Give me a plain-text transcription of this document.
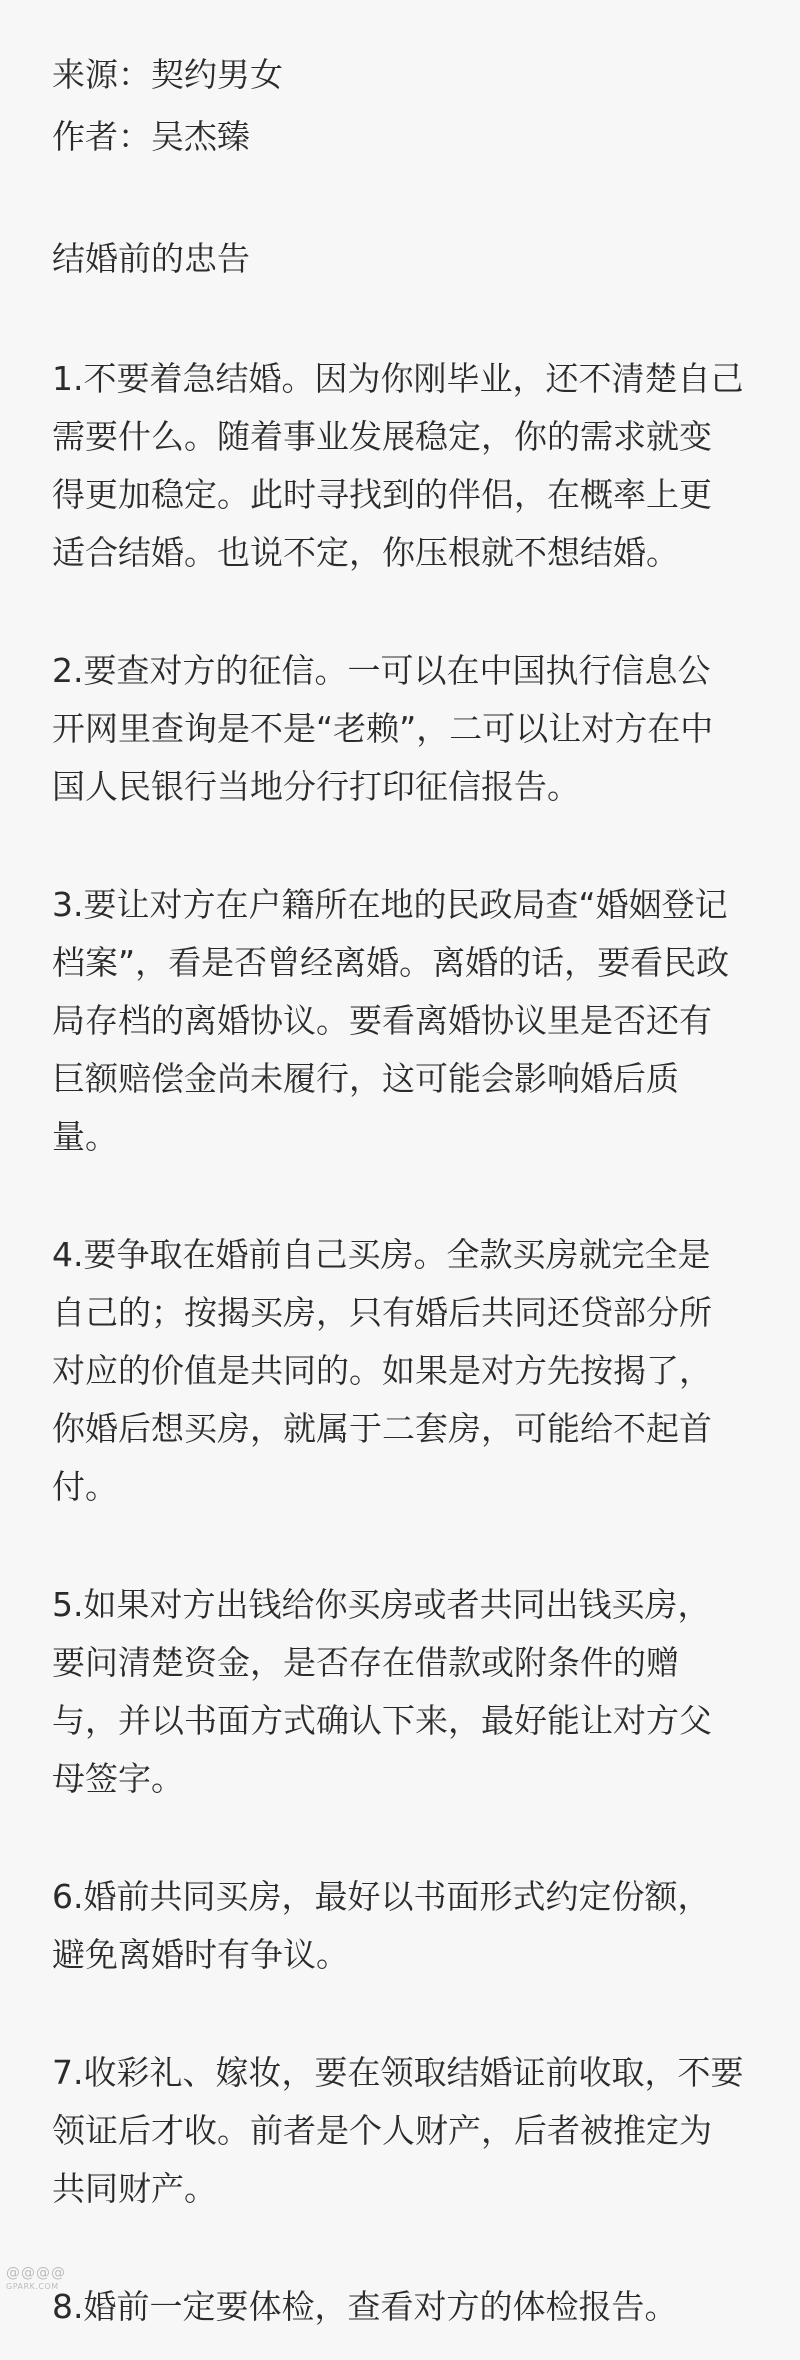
来源：契约男女
作者：吴杰臻
结婚前的忠告
1.不要着急结婚。因为你刚毕业，还不清楚自己
需要什么。随着事业发展稳定，你的需求就变
得更加稳定。此时寻找到的伴侣，在概率上更
适合结婚。也说不定，你压根就不想结婚。
2.要查对方的征信。一可以在中国执行信息公
开网里查询是不是“老赖”，二可以让对方在中
国人民银行当地分行打印征信报告。
3.要让对方在户籍所在地的民政局查“婚姻登记
档案”，看是否曾经离婚。离婚的话，要看民政
局存档的离婚协议。要看离婚协议里是否还有
巨额赔偿金尚未履行，这可能会影响婚后质
量。
4.要争取在婚前自己买房。全款买房就完全是
自己的；按揭买房，只有婚后共同还贷部分所
对应的价值是共同的。如果是对方先按揭了，
你婚后想买房，就属于二套房，可能给不起首
付。
5.如果对方出钱给你买房或者共同出钱买房，
要问清楚资金，是否存在借款或附条件的赠
与，并以书面方式确认下来，最好能让对方父
母签字。
6.婚前共同买房，最好以书面形式约定份额，
避免离婚时有争议。
7.收彩礼、嫁妆，要在领取结婚证前收取，不要
领证后才收。前者是个人财产，后者被推定为
共同财产。
8.婚前一定要体检，查看对方的体检报告。
@@@@
GPARK.COM
